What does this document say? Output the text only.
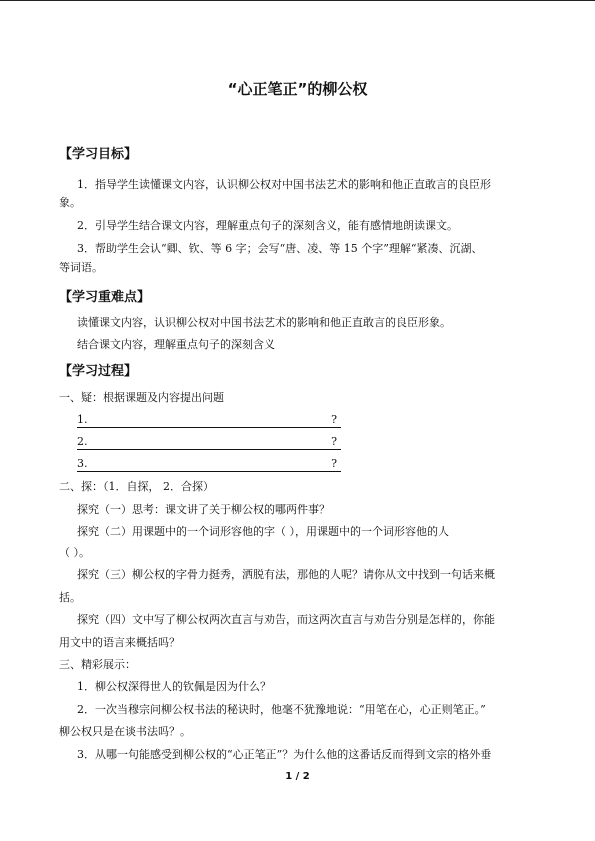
“心正笔正”的柳公权
【学习目标】
1．指导学生读懂课文内容，认识柳公权对中国书法艺术的影响和他正直敢言的良臣形
象。
2．引导学生结合课文内容，理解重点句子的深刻含义，能有感情地朗读课文。
3．帮助学生会认“卿、钦、等 6 字；会写“唐、凌、等 15 个字”理解“紧凑、沉湖、
等词语。
【学习重难点】
读懂课文内容，认识柳公权对中国书法艺术的影响和他正直敢言的良臣形象。
结合课文内容，理解重点句子的深刻含义
【学习过程】
一、疑：根据课题及内容提出问题
1.	?
2.	?
3.	?
二、探：（1．自探， 2．合探）
探究（一）思考：课文讲了关于柳公权的哪两件事？
探究（二）用课题中的一个词形容他的字（ ），用课题中的一个词形容他的人
（ ）。
探究（三）柳公权的字骨力挺秀，洒脱有法，那他的人呢？请你从文中找到一句话来概
括。
探究（四）文中写了柳公权两次直言与劝告，而这两次直言与劝告分别是怎样的，你能
用文中的语言来概括吗？
三、精彩展示：
1．柳公权深得世人的钦佩是因为什么？
2．一次当穆宗问柳公权书法的秘诀时，他毫不犹豫地说：“用笔在心，心正则笔正。”
柳公权只是在谈书法吗？。
3．从哪一句能感受到柳公权的“心正笔正”？为什么他的这番话反而得到文宗的格外垂
1 / 2
